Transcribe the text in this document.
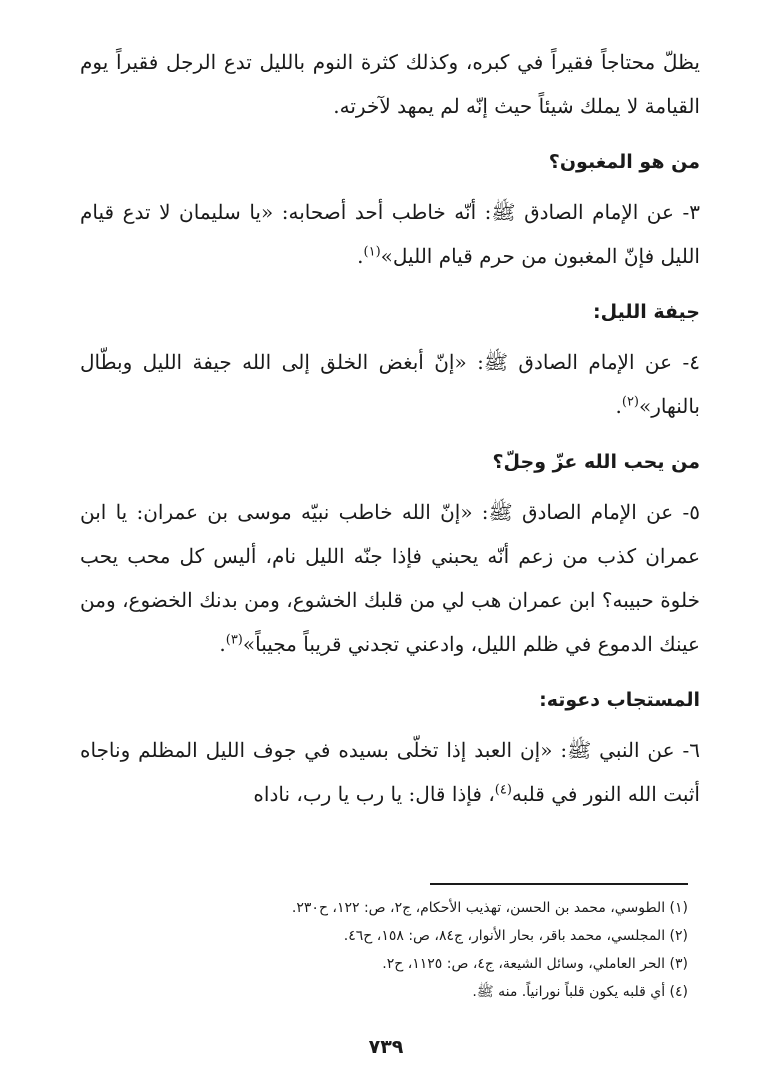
يظلّ محتاجاً فقيراً في كبره، وكذلك كثرة النوم بالليل تدع الرجل فقيراً يوم القيامة لا يملك شيئاً حيث إنّه لم يمهد لآخرته.

من هو المغبون؟

٣- عن الإمام الصادق ﷺ: أنّه خاطب أحد أصحابه: «يا سليمان لا تدع قيام الليل فإنّ المغبون من حرم قيام الليل»$^{(١)}$.

جيفة الليل:

٤- عن الإمام الصادق ﷺ: «إنّ أبغض الخلق إلى الله جيفة الليل وبطّال بالنهار»$^{(٢)}$.

من يحب الله عزّ وجلّ؟

٥- عن الإمام الصادق ﷺ: «إنّ الله خاطب نبيّه موسى بن عمران: يا ابن عمران كذب من زعم أنّه يحبني فإذا جنّه الليل نام، أليس كل محب يحب خلوة حبيبه؟ ابن عمران هب لي من قلبك الخشوع، ومن بدنك الخضوع، ومن عينك الدموع في ظلم الليل، وادعني تجدني قريباً مجيباً»$^{(٣)}$.

المستجاب دعوته:

٦- عن النبي ﷺ: «إن العبد إذا تخلّى بسيده في جوف الليل المظلم وناجاه أثبت الله النور في قلبه$^{(٤)}$، فإذا قال: يا رب يا رب، ناداه

(١) الطوسي، محمد بن الحسن، تهذيب الأحكام، ج٢، ص: ١٢٢، ح٢٣٠.
(٢) المجلسي، محمد باقر، بحار الأنوار، ج٨٤، ص: ١٥٨، ح٤٦.
(٣) الحر العاملي، وسائل الشيعة، ج٤، ص: ١١٢٥، ح٢.
(٤) أي قلبه يكون قلباً نورانياً. منه ﷺ.
٧٣٩
